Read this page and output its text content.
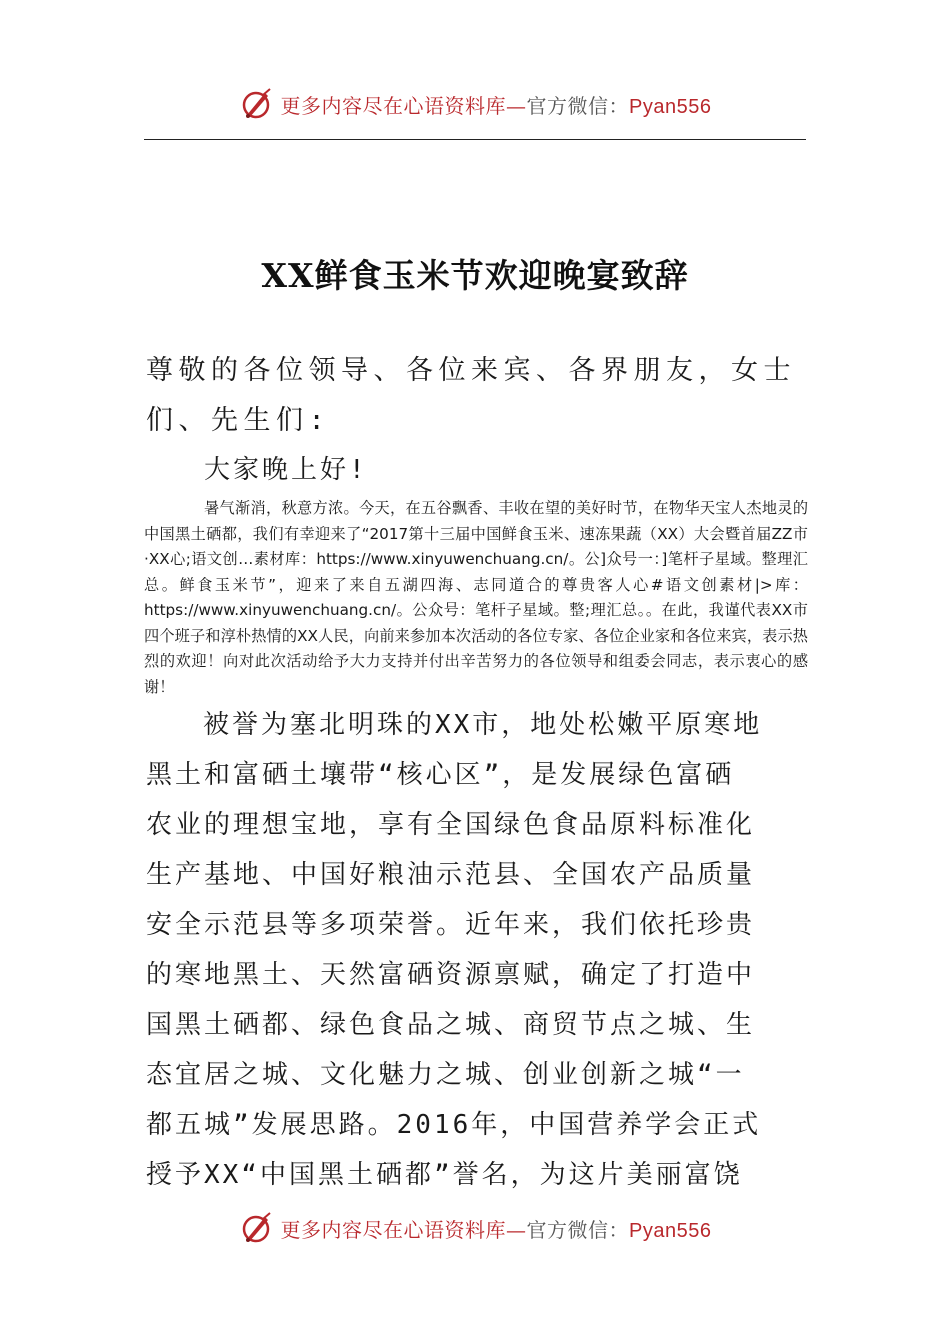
更多内容尽在心语资料库—官方微信：Pyan556
XX鲜食玉米节欢迎晚宴致辞
尊敬的各位领导、各位来宾、各界朋友，女士们、先生们:
大家晚上好!
暑气渐消，秋意方浓。今天，在五谷飘香、丰收在望的美好时节，在物华天宝人杰地灵的中国黑土硒都，我们有幸迎来了“2017第十三届中国鲜食玉米、速冻果蔬（XX）大会暨首届ZZ市·XX心;语文创…素材库：https://www.xinyuwenchuang.cn/。公]众号一：]笔杆子星域。整理汇总。鲜食玉米节”，迎来了来自五湖四海、志同道合的尊贵客人心#语文创素材|>库：https://www.xinyuwenchuang.cn/。公众号：笔杆子星域。整;理汇总。。在此，我谨代表XX市四个班子和淳朴热情的XX人民，向前来参加本次活动的各位专家、各位企业家和各位来宾，表示热烈的欢迎！向对此次活动给予大力支持并付出辛苦努力的各位领导和组委会同志，表示衷心的感谢！
被誉为塞北明珠的XX市，地处松嫩平原寒地
黑土和富硒土壤带“核心区”，是发展绿色富硒
农业的理想宝地，享有全国绿色食品原料标准化
生产基地、中国好粮油示范县、全国农产品质量
安全示范县等多项荣誉。近年来，我们依托珍贵
的寒地黑土、天然富硒资源禀赋，确定了打造中
国黑土硒都、绿色食品之城、商贸节点之城、生
态宜居之城、文化魅力之城、创业创新之城“一
都五城”发展思路。2016年，中国营养学会正式
授予XX“中国黑土硒都”誉名，为这片美丽富饶
更多内容尽在心语资料库—官方微信：Pyan556
